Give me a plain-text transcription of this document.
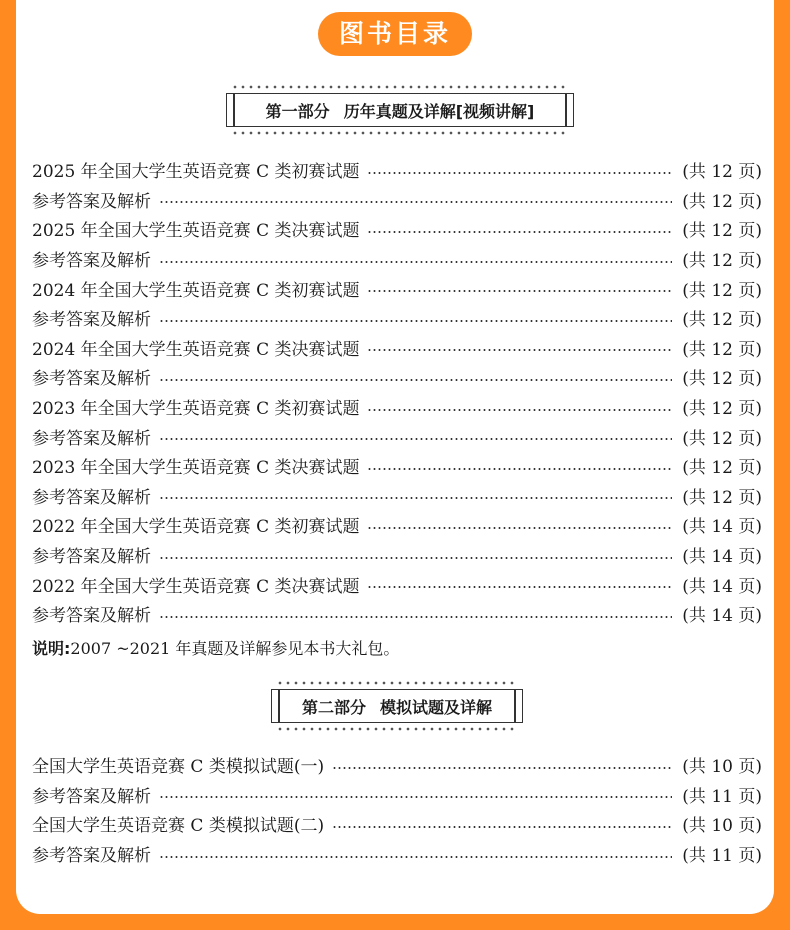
图书目录
第一部分 历年真题及详解[视频讲解]
2025 年全国大学生英语竞赛 C 类初赛试题	(共 12 页)
参考答案及解析	(共 12 页)
2025 年全国大学生英语竞赛 C 类决赛试题	(共 12 页)
参考答案及解析	(共 12 页)
2024 年全国大学生英语竞赛 C 类初赛试题	(共 12 页)
参考答案及解析	(共 12 页)
2024 年全国大学生英语竞赛 C 类决赛试题	(共 12 页)
参考答案及解析	(共 12 页)
2023 年全国大学生英语竞赛 C 类初赛试题	(共 12 页)
参考答案及解析	(共 12 页)
2023 年全国大学生英语竞赛 C 类决赛试题	(共 12 页)
参考答案及解析	(共 12 页)
2022 年全国大学生英语竞赛 C 类初赛试题	(共 14 页)
参考答案及解析	(共 14 页)
2022 年全国大学生英语竞赛 C 类决赛试题	(共 14 页)
参考答案及解析	(共 14 页)
说明:2007 ~2021 年真题及详解参见本书大礼包。
第二部分 模拟试题及详解
全国大学生英语竞赛 C 类模拟试题(一)	(共 10 页)
参考答案及解析	(共 11 页)
全国大学生英语竞赛 C 类模拟试题(二)	(共 10 页)
参考答案及解析	(共 11 页)
